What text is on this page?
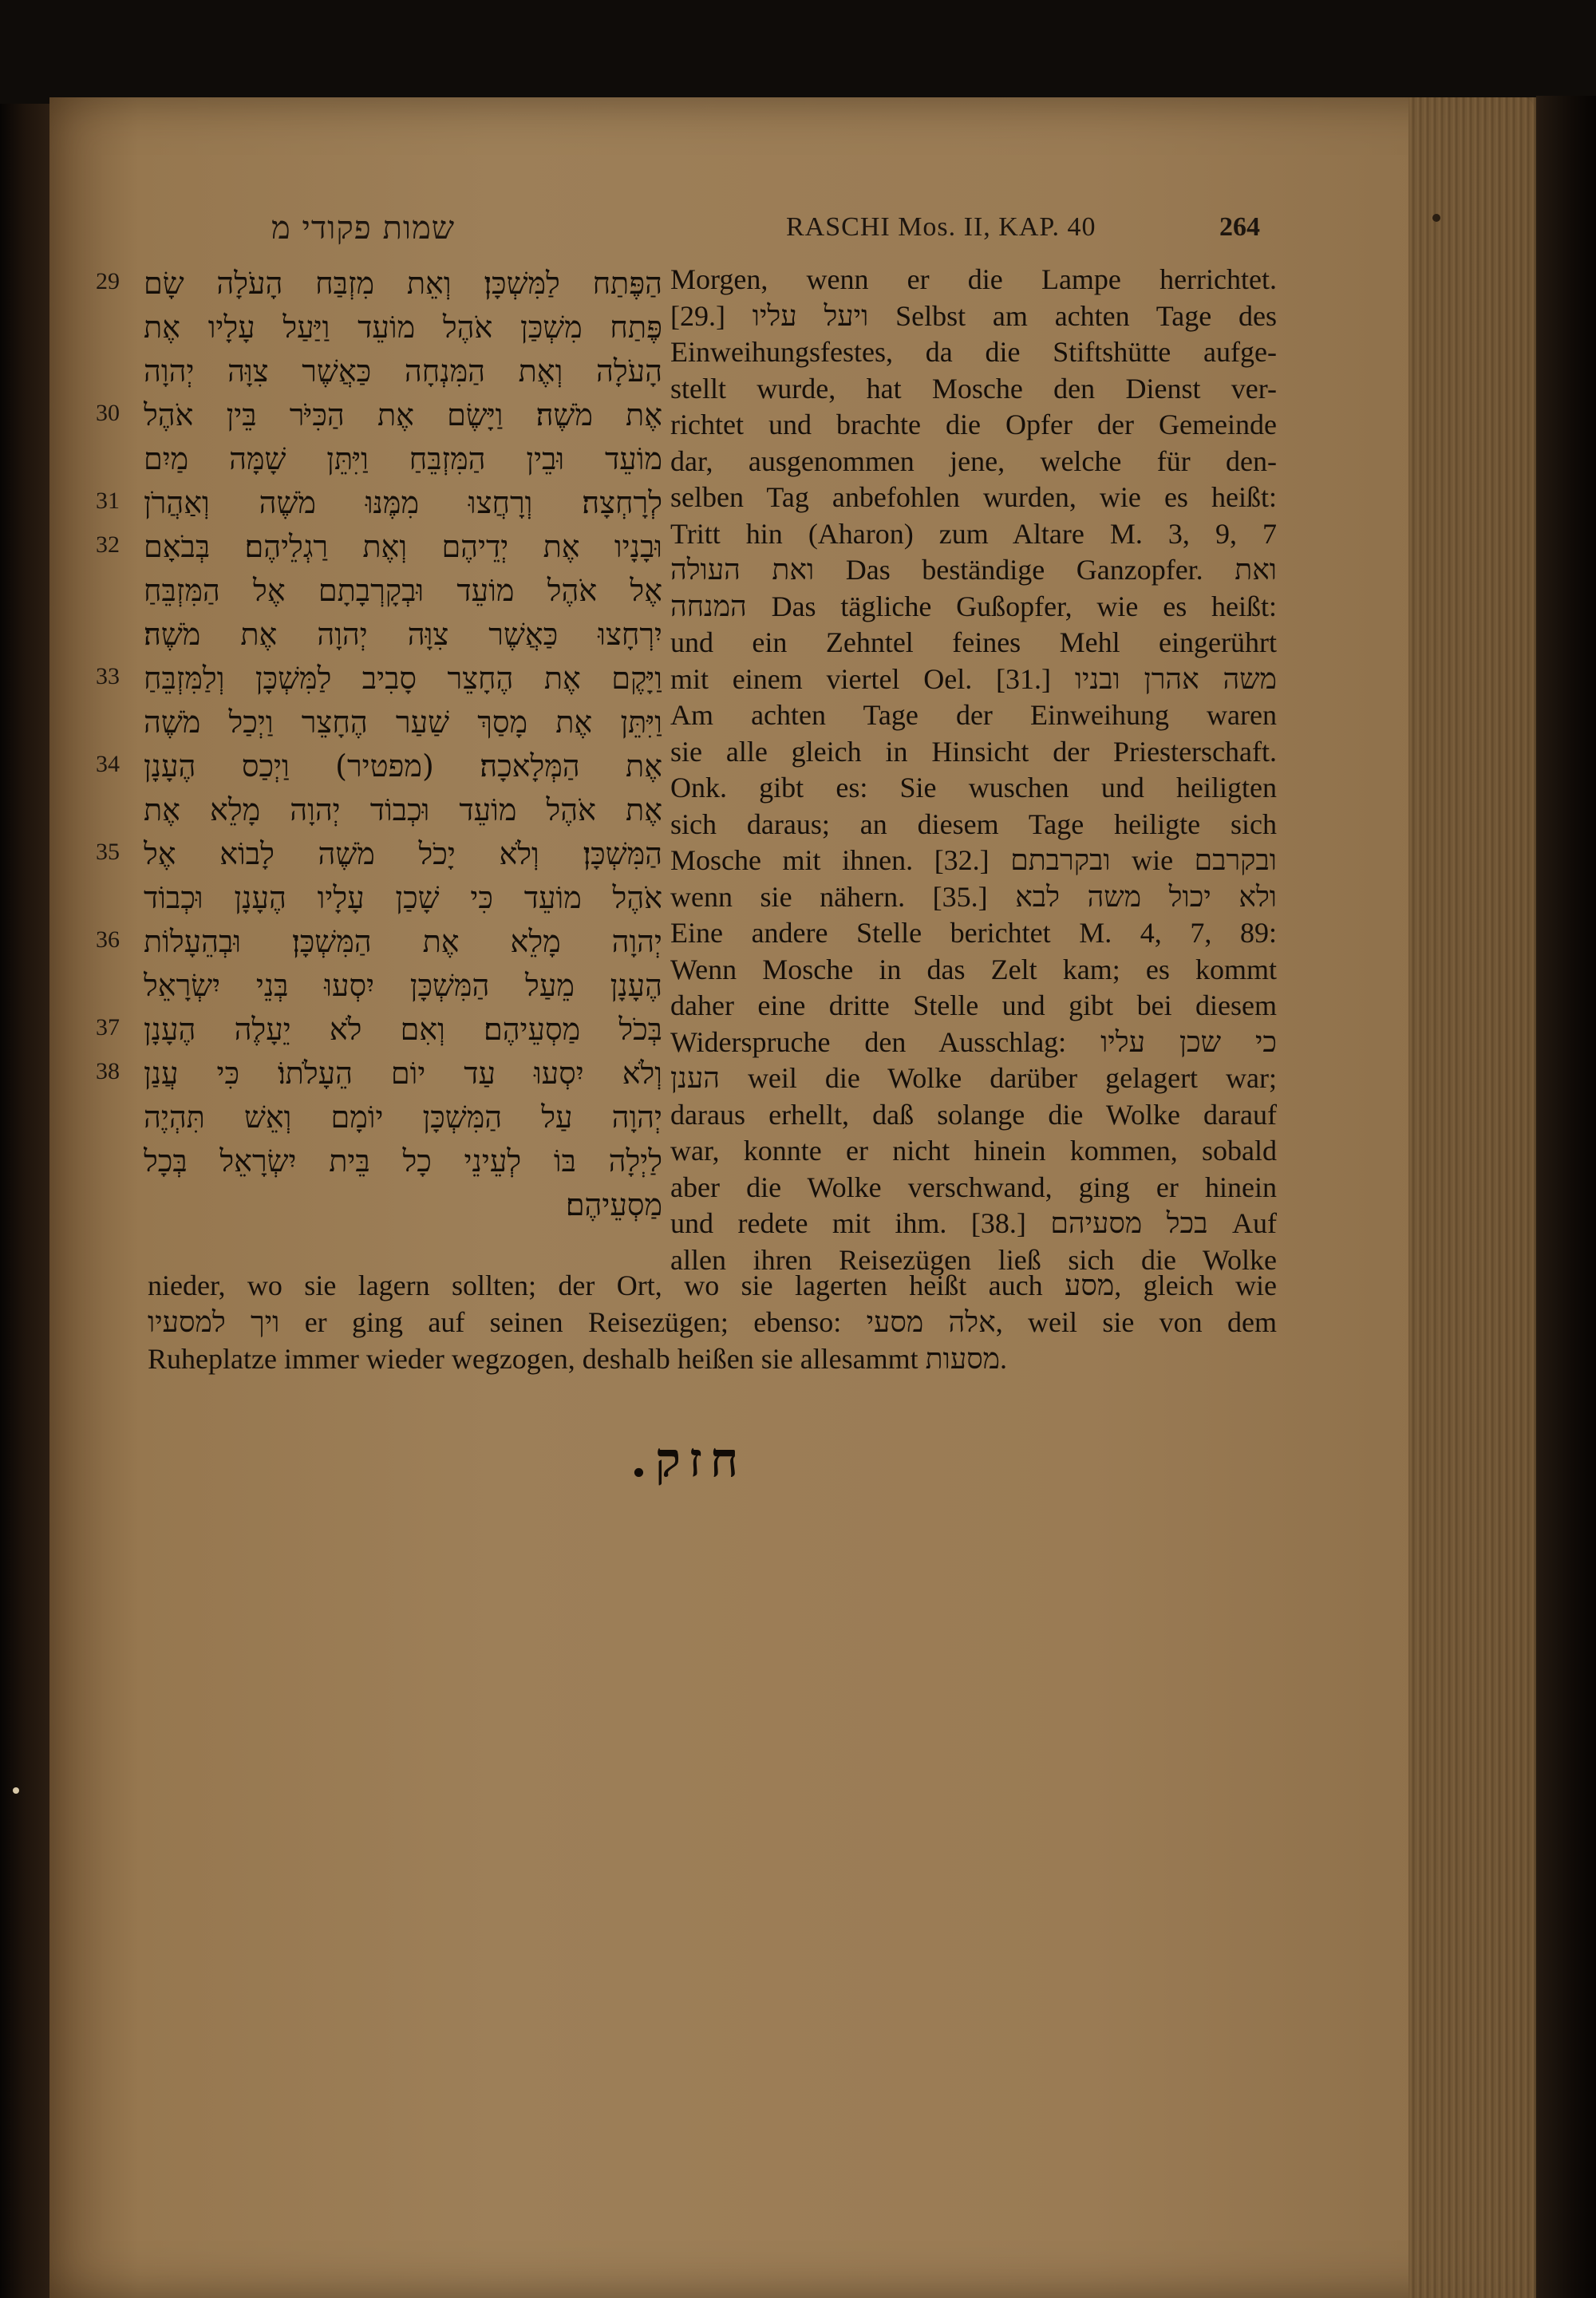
שמות פקודי מ	RASCHI Mos. II, KAP. 40	264
29 הַפֶּתַח לַמִּשְׁכָּן׃ וְאֵת מִזְבַּח הָעֹלָה שָׂם
פֶּתַח מִשְׁכַּן אֹהֶל מוֹעֵד וַיַּעַל עָלָיו אֶת
הָעֹלָה וְאֶת הַמִּנְחָה כַּאֲשֶׁר צִוָּה יְהוָה
30 אֶת מֹשֶׁה׃ וַיָּשֶׂם אֶת הַכִּיֹּר בֵּין אֹהֶל
מוֹעֵד וּבֵין הַמִּזְבֵּחַ וַיִּתֵּן שָׁמָּה מַיִם
31 לְרָחְצָה׃ וְרָחֲצוּ מִמֶּנּוּ מֹשֶׁה וְאַהֲרֹן
32 וּבָנָיו אֶת יְדֵיהֶם וְאֶת רַגְלֵיהֶם׃ בְּבֹאָם
אֶל אֹהֶל מוֹעֵד וּבְקָרְבָתָם אֶל הַמִּזְבֵּחַ
יִרְחָצוּ כַּאֲשֶׁר צִוָּה יְהוָה אֶת מֹשֶׁה׃
33 וַיָּקֶם אֶת הֶחָצֵר סָבִיב לַמִּשְׁכָּן וְלַמִּזְבֵּחַ
וַיִּתֵּן אֶת מָסַךְ שַׁעַר הֶחָצֵר וַיְכַל מֹשֶׁה
34 אֶת הַמְּלָאכָה׃ (מפטיר) וַיְכַס הֶעָנָן
אֶת אֹהֶל מוֹעֵד וּכְבוֹד יְהוָה מָלֵא אֶת
35 הַמִּשְׁכָּן׃ וְלֹא יָכֹל מֹשֶׁה לָבוֹא אֶל
אֹהֶל מוֹעֵד כִּי שָׁכַן עָלָיו הֶעָנָן וּכְבוֹד
36 יְהוָה מָלֵא אֶת הַמִּשְׁכָּן׃ וּבְהֵעָלוֹת
הֶעָנָן מֵעַל הַמִּשְׁכָּן יִסְעוּ בְּנֵי יִשְׂרָאֵל
37 בְּכֹל מַסְעֵיהֶם׃ וְאִם לֹא יֵעָלֶה הֶעָנָן
38 וְלֹא יִסְעוּ עַד יוֹם הֵעָלֹתוֹ׃ כִּי עֲנַן
יְהוָה עַל הַמִּשְׁכָּן יוֹמָם וְאֵשׁ תִּהְיֶה
לַיְלָה בּוֹ לְעֵינֵי כָל בֵּית יִשְׂרָאֵל בְּכָל
מַסְעֵיהֶם׃
Morgen, wenn er die Lampe herrichtet.
[29.] ויעל עליו Selbst am achten Tage des
Einweihungsfestes, da die Stiftshütte aufge-
stellt wurde, hat Mosche den Dienst ver-
richtet und brachte die Opfer der Gemeinde
dar, ausgenommen jene, welche für den-
selben Tag anbefohlen wurden, wie es heißt:
Tritt hin (Aharon) zum Altare M. 3, 9, 7
ואת העולה Das beständige Ganzopfer. ואת
המנחה Das tägliche Gußopfer, wie es heißt:
und ein Zehntel feines Mehl eingerührt
mit einem viertel Oel. [31.] משה אהרן ובניו
Am achten Tage der Einweihung waren
sie alle gleich in Hinsicht der Priesterschaft.
Onk. gibt es: Sie wuschen und heiligten
sich daraus; an diesem Tage heiligte sich
Mosche mit ihnen. [32.] ובקרבתם wie ובקרבם
wenn sie nähern. [35.] ולא יכול משה לבא
Eine andere Stelle berichtet M. 4, 7, 89:
Wenn Mosche in das Zelt kam; es kommt
daher eine dritte Stelle und gibt bei diesem
Widerspruche den Ausschlag: כי שכן עליו
הענן weil die Wolke darüber gelagert war;
daraus erhellt, daß solange die Wolke darauf
war, konnte er nicht hinein kommen, sobald
aber die Wolke verschwand, ging er hinein
und redete mit ihm. [38.] בכל מסעיהם Auf
allen ihren Reisezügen ließ sich die Wolke
nieder, wo sie lagern sollten; der Ort, wo sie lagerten heißt auch מסע, gleich wie
ויך למסעיו er ging auf seinen Reisezügen; ebenso: אלה מסעי, weil sie von dem
Ruheplatze immer wieder wegzogen, deshalb heißen sie allesammt מסעות.
חזק.
